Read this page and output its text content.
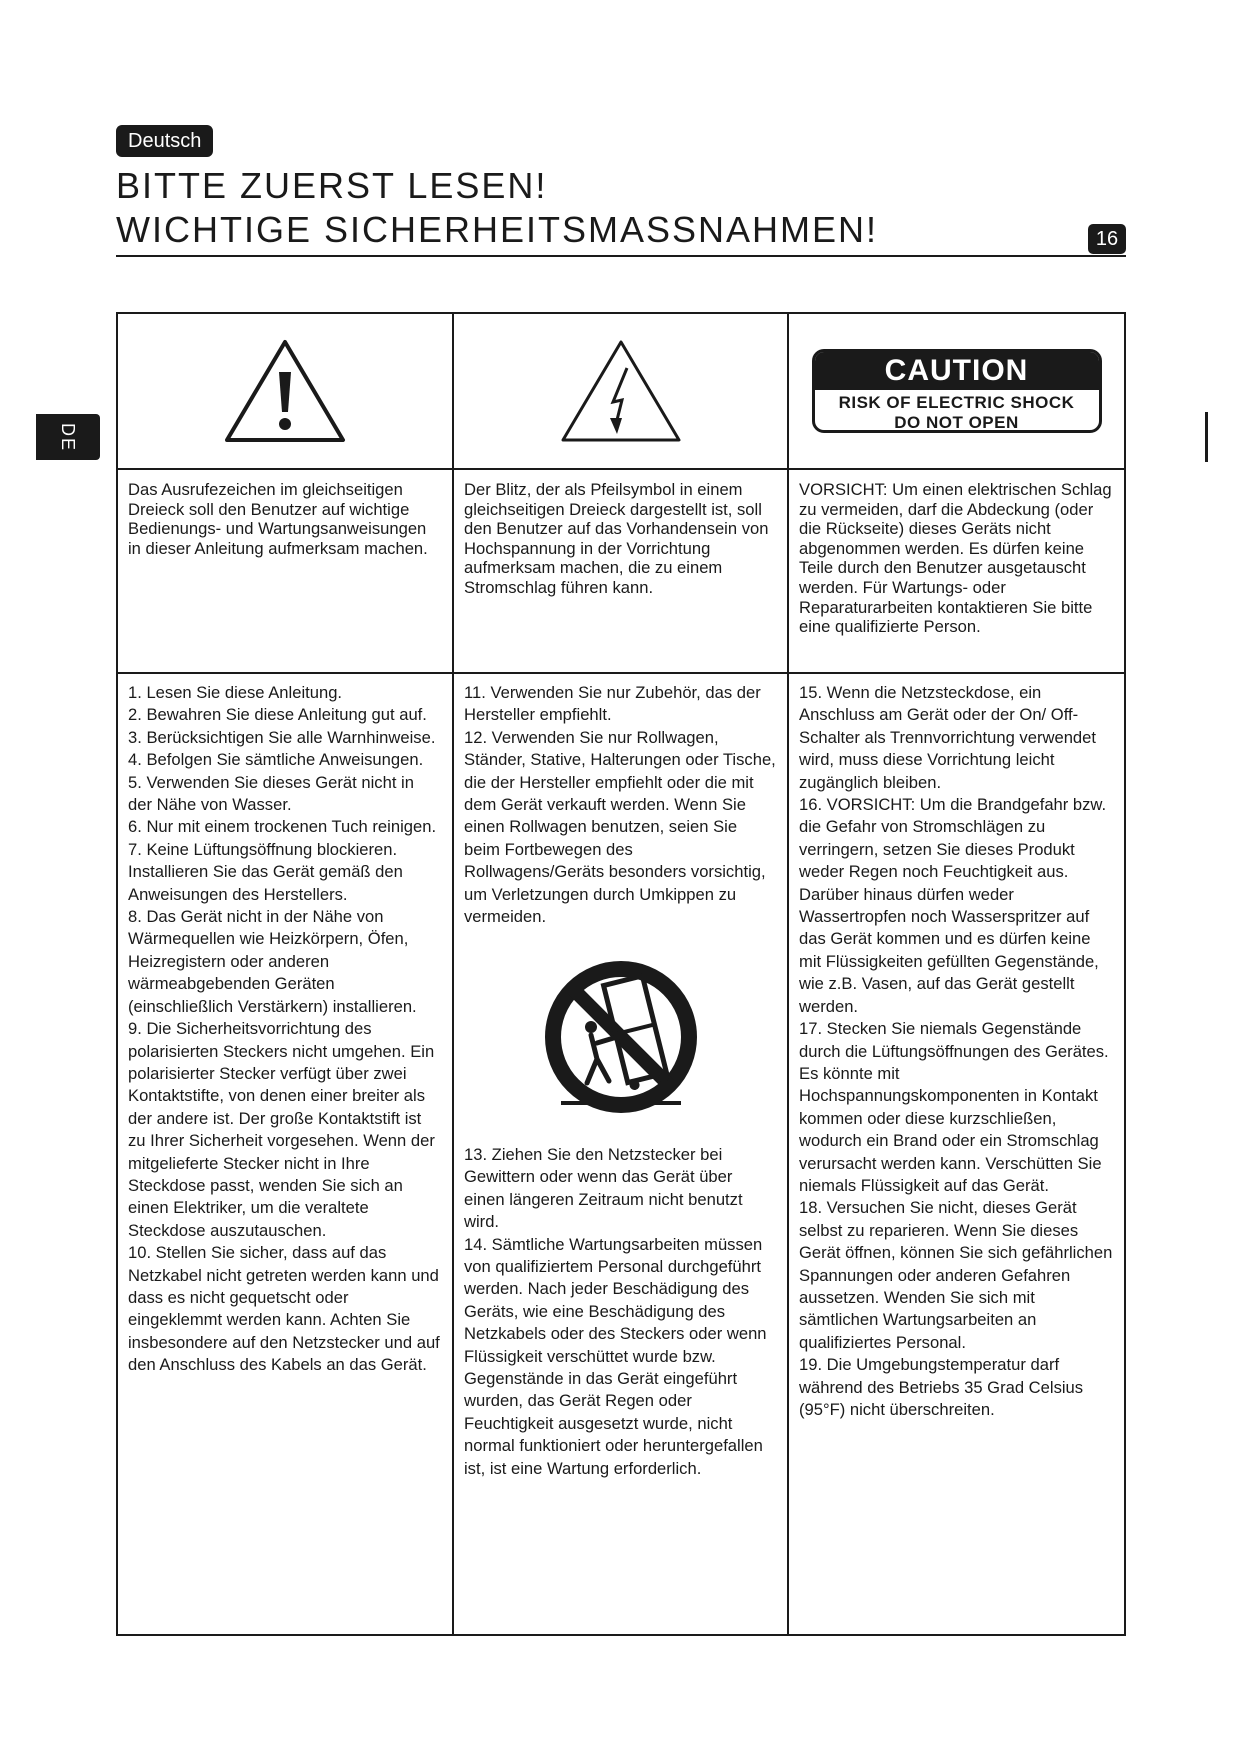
Deutsch
BITTE ZUERST LESEN!
WICHTIGE SICHERHEITSMASSNAHMEN!	16
DE
CAUTION
RISK OF ELECTRIC SHOCK
DO NOT OPEN
Das Ausrufezeichen im gleichseitigen Dreieck soll den Benutzer auf wichtige Bedienungs- und Wartungsanweisungen in dieser Anleitung aufmerksam machen.
Der Blitz, der als Pfeilsymbol in einem gleichseitigen Dreieck dargestellt ist, soll den Benutzer auf das Vorhandensein von Hochspannung in der Vorrichtung aufmerksam machen, die zu einem Stromschlag führen kann.
VORSICHT: Um einen elektrischen Schlag zu vermeiden, darf die Abdeckung (oder die Rückseite) dieses Geräts nicht abgenommen werden. Es dürfen keine Teile durch den Benutzer ausgetauscht werden. Für Wartungs- oder Reparaturarbeiten kontaktieren Sie bitte eine qualifizierte Person.

1. Lesen Sie diese Anleitung.

2. Bewahren Sie diese Anleitung gut auf.

3. Berücksichtigen Sie alle Warnhinweise.

4. Befolgen Sie sämtliche Anweisungen.

5. Verwenden Sie dieses Gerät nicht in der Nähe von Wasser.

6. Nur mit einem trockenen Tuch reinigen.

7. Keine Lüftungsöffnung blockieren. Installieren Sie das Gerät gemäß den Anweisungen des Herstellers.

8. Das Gerät nicht in der Nähe von Wärmequellen wie Heizkörpern, Öfen, Heizregistern oder anderen wärmeabgebenden Geräten (einschließlich Verstärkern) installieren.

9. Die Sicherheitsvorrichtung des polarisierten Steckers nicht umgehen. Ein polarisierter Stecker verfügt über zwei Kontaktstifte, von denen einer breiter als der andere ist. Der große Kontaktstift ist zu Ihrer Sicherheit vorgesehen. Wenn der mitgelieferte Stecker nicht in Ihre Steckdose passt, wenden Sie sich an einen Elektriker, um die veraltete Steckdose auszutauschen.

10. Stellen Sie sicher, dass auf das Netzkabel nicht getreten werden kann und dass es nicht gequetscht oder eingeklemmt werden kann. Achten Sie insbesondere auf den Netzstecker und auf den Anschluss des Kabels an das Gerät.

11. Verwenden Sie nur Zubehör, das der Hersteller empfiehlt.

12. Verwenden Sie nur Rollwagen, Ständer, Stative, Halterungen oder Tische, die der Hersteller empfiehlt oder die mit dem Gerät verkauft werden. Wenn Sie einen Rollwagen benutzen, seien Sie beim Fortbewegen des Rollwagens/Geräts besonders vorsichtig, um Verletzungen durch Umkippen zu vermeiden.

13. Ziehen Sie den Netzstecker bei Gewittern oder wenn das Gerät über einen längeren Zeitraum nicht benutzt wird.

14. Sämtliche Wartungsarbeiten müssen von qualifiziertem Personal durchgeführt werden. Nach jeder Beschädigung des Geräts, wie eine Beschädigung des Netzkabels oder des Steckers oder wenn Flüssigkeit verschüttet wurde bzw. Gegenstände in das Gerät eingeführt wurden, das Gerät Regen oder Feuchtigkeit ausgesetzt wurde, nicht normal funktioniert oder heruntergefallen ist, ist eine Wartung erforderlich.

15. Wenn die Netzsteckdose, ein Anschluss am Gerät oder der On/ Off-Schalter als Trennvorrichtung verwendet wird, muss diese Vorrichtung leicht zugänglich bleiben.

16. VORSICHT: Um die Brandgefahr bzw. die Gefahr von Stromschlägen zu verringern, setzen Sie dieses Produkt weder Regen noch Feuchtigkeit aus. Darüber hinaus dürfen weder Wassertropfen noch Wasserspritzer auf das Gerät kommen und es dürfen keine mit Flüssigkeiten gefüllten Gegenstände, wie z.B. Vasen, auf das Gerät gestellt werden.

17. Stecken Sie niemals Gegenstände durch die Lüftungsöffnungen des Gerätes. Es könnte mit Hochspannungskomponenten in Kontakt kommen oder diese kurzschließen, wodurch ein Brand oder ein Stromschlag verursacht werden kann. Verschütten Sie niemals Flüssigkeit auf das Gerät.

18. Versuchen Sie nicht, dieses Gerät selbst zu reparieren. Wenn Sie dieses Gerät öffnen, können Sie sich gefährlichen Spannungen oder anderen Gefahren aussetzen. Wenden Sie sich mit sämtlichen Wartungsarbeiten an qualifiziertes Personal.

19. Die Umgebungstemperatur darf während des Betriebs 35 Grad Celsius (95°F) nicht überschreiten.
